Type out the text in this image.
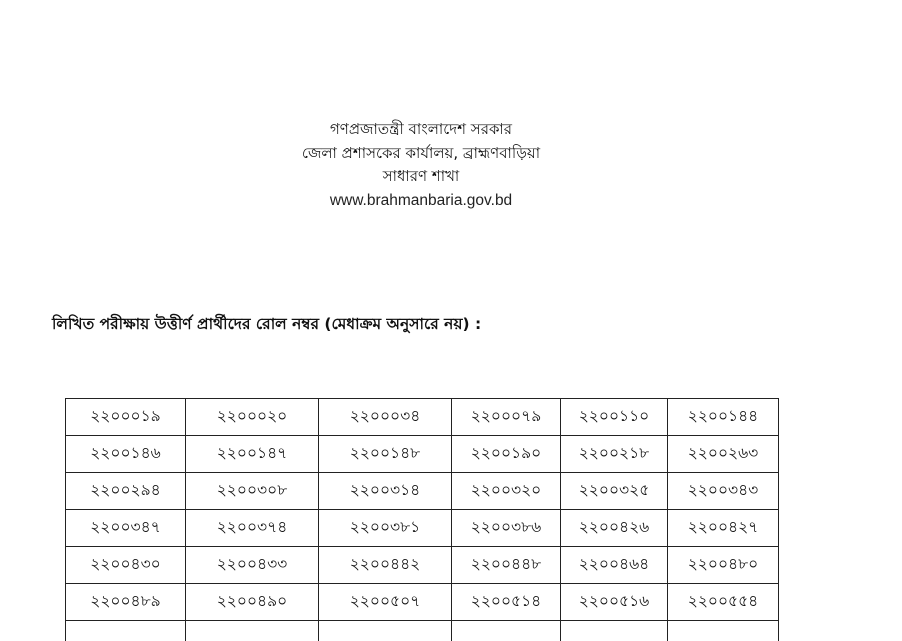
গণপ্রজাতন্ত্রী বাংলাদেশ সরকার
জেলা প্রশাসকের কার্যালয়, ব্রাহ্মণবাড়িয়া
সাধারণ শাখা
www.brahmanbaria.gov.bd
লিখিত পরীক্ষায় উত্তীর্ণ প্রার্থীদের রোল নম্বর (মেধাক্রম অনুসারে নয়) :
২২০০০১৯	২২০০০২০	২২০০০৩৪	২২০০০৭৯	২২০০১১০	২২০০১৪৪
২২০০১৪৬	২২০০১৪৭	২২০০১৪৮	২২০০১৯০	২২০০২১৮	২২০০২৬৩
২২০০২৯৪	২২০০৩০৮	২২০০৩১৪	২২০০৩২০	২২০০৩২৫	২২০০৩৪৩
২২০০৩৪৭	২২০০৩৭৪	২২০০৩৮১	২২০০৩৮৬	২২০০৪২৬	২২০০৪২৭
২২০০৪৩০	২২০০৪৩৩	২২০০৪৪২	২২০০৪৪৮	২২০০৪৬৪	২২০০৪৮০
২২০০৪৮৯	২২০০৪৯০	২২০০৫০৭	২২০০৫১৪	২২০০৫১৬	২২০০৫৫৪
